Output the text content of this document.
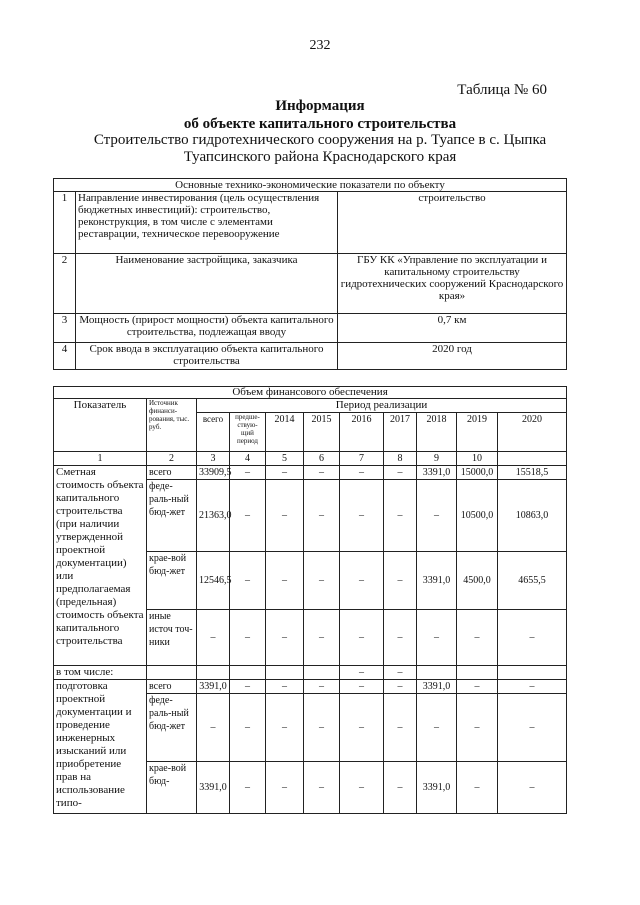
232
Таблица № 60
Информация
об объекте капитального строительства
Строительство гидротехнического сооружения на р. Туапсе в с. Цыпка
Туапсинского района Краснодарского края
Основные технико-экономические показатели по объекту		
1	Направление инвестирования (цель осуществления бюджетных инвестиций): строительство, реконструкция, в том числе с элементами реставрации, техническое перевооружение	строительство
2	Наименование застройщика, заказчика	ГБУ КК «Управление по эксплуатации и капитальному строительству гидротехнических сооружений Краснодарского края»
3	Мощность (прирост мощности) объекта капитального строительства, подлежащая вводу	0,7 км
4	Срок ввода в эксплуатацию объекта капитального строительства	2020 год
Объем финансового обеспечения										
Показатель	Источник финанси-рования, тыс. руб.	Период реализации								
		всего	предше-ствую-щий период	2014	2015	2016	2017	2018	2019	2020
1	2	3	4	5	6	7	8	9	10	
Сметная стоимость объекта капитального строительства (при наличии утвержденной проектной документации) или предполагаемая (предельная) стоимость объекта капитального строительства	всего	33909,5	–	–	–	–	–	3391,0	15000,0	15518,5
	феде-раль-ный бюд-жет	21363,0	–	–	–	–	–	–	10500,0	10863,0
	крае-вой бюд-жет	12546,5	–	–	–	–	–	3391,0	4500,0	4655,5
	иные источ точ-ники	–	–	–	–	–	–	–	–	–
в том числе:						–	–			
подготовка проектной документации и проведение инженерных изысканий или приобретение прав на использование типо-	всего	3391,0	–	–	–	–	–	3391,0	–	–
	феде-раль-ный бюд-жет	–	–	–	–	–	–	–	–	–
	крае-вой бюд-	3391,0	–	–	–	–	–	3391,0	–	–
